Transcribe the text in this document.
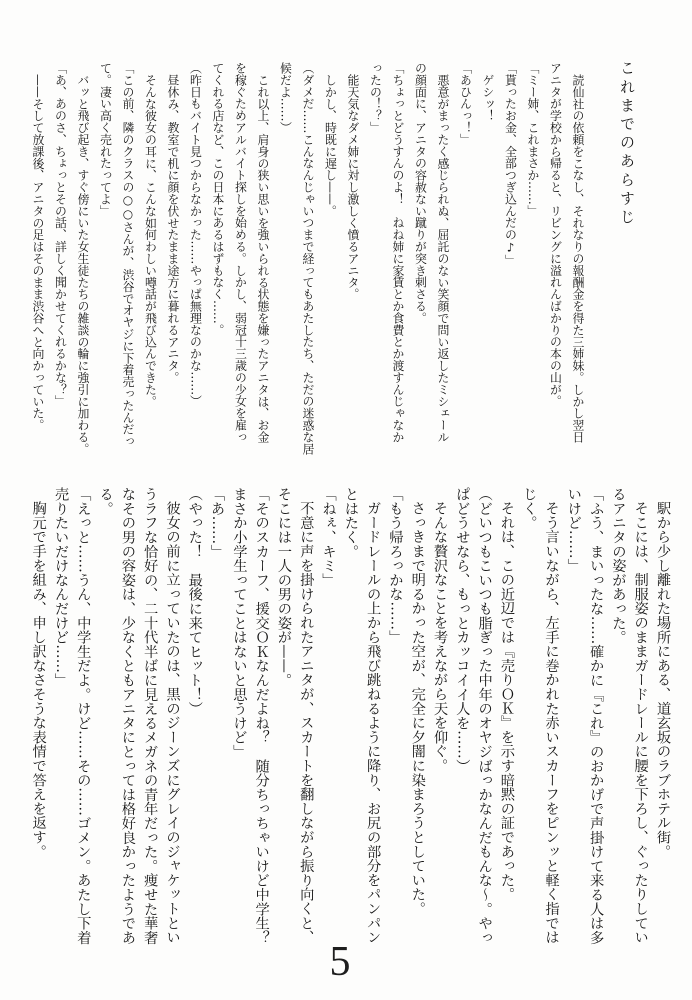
これまでのあらすじ
読仙社の依頼をこなし、それなりの報酬金を得た三姉妹。しかし翌日
アニタが学校から帰ると、リビングに溢れんばかりの本の山が。
「ミー姉、これまさか……」
「貰ったお金、全部つぎ込んだの♪」
ゲシッ！
「あひんっ！」
悪意がまったく感じられぬ、屈託のない笑顔で問い返したミシェール
の顔面に、アニタの容赦ない蹴りが突き刺さる。
「ちょっとどうすんのよ！　ねね姉に家賃とか食費とか渡すんじゃなか
ったの！？」
能天気なダメ姉に対し激しく憤るアニタ。
しかし、時既に遅し——。
（ダメだ……こんなんじゃいつまで経ってもあたしたち、ただの迷惑な居
候だよ……）
これ以上、肩身の狭い思いを強いられる状態を嫌ったアニタは、お金
を稼ぐためアルバイト探しを始める。しかし、弱冠十三歳の少女を雇っ
てくれる店など、この日本にあるはずもなく……。
（昨日もバイト見つからなかった……やっぱ無理なのかな……）
昼休み、教室で机に顔を伏せたまま途方に暮れるアニタ。
そんな彼女の耳に、こんな如何わしい噂話が飛び込んできた。
「この前、隣のクラスの○○さんが、渋谷でオヤジに下着売ったんだっ
て。凄い高く売れたってよ」
バッと飛び起き、すぐ傍にいた女生徒たちの雑談の輪に強引に加わる。
「あ、あのさ、ちょっとその話、詳しく聞かせてくれるかな？」
——そして放課後、アニタの足はそのまま渋谷へと向かっていた。
駅から少し離れた場所にある、道玄坂のラブホテル街。
そこには、制服姿のままガードレールに腰を下ろし、ぐったりしてい
るアニタの姿があった。
「ふう、まいったな……確かに『これ』のおかげで声掛けて来る人は多
いけど……」
そう言いながら、左手に巻かれた赤いスカーフをピンッと軽く指では
じく。
それは、この近辺では『売りＯＫ』を示す暗黙の証であった。
（どいつもこいつも脂ぎった中年のオヤジばっかなんだもんな～。やっ
ぱどうせなら、もっとカッコイイ人を……）
そんな贅沢なことを考えながら天を仰ぐ。
さっきまで明るかった空が、完全に夕闇に染まろうとしていた。
「もう帰ろっかな……」
ガードレールの上から飛び跳ねるように降り、お尻の部分をパンパン
とはたく。
「ねぇ、キミ」
不意に声を掛けられたアニタが、スカートを翻しながら振り向くと、
そこには一人の男の姿が——。
「そのスカーフ、援交ＯＫなんだよね？　随分ちっちゃいけど中学生？
まさか小学生ってことはないと思うけど」
「あ……」
（やった！　最後に来てヒット！）
彼女の前に立っていたのは、黒のジーンズにグレイのジャケットとい
うラフな恰好の、二十代半ばに見えるメガネの青年だった。痩せた華奢
なその男の容姿は、少なくともアニタにとっては格好良かったようであ
る。
「えっと……うん、中学生だよ。けど……その……ゴメン。あたし下着
売りたいだけなんだけど……」
胸元で手を組み、申し訳なさそうな表情で答えを返す。
5
